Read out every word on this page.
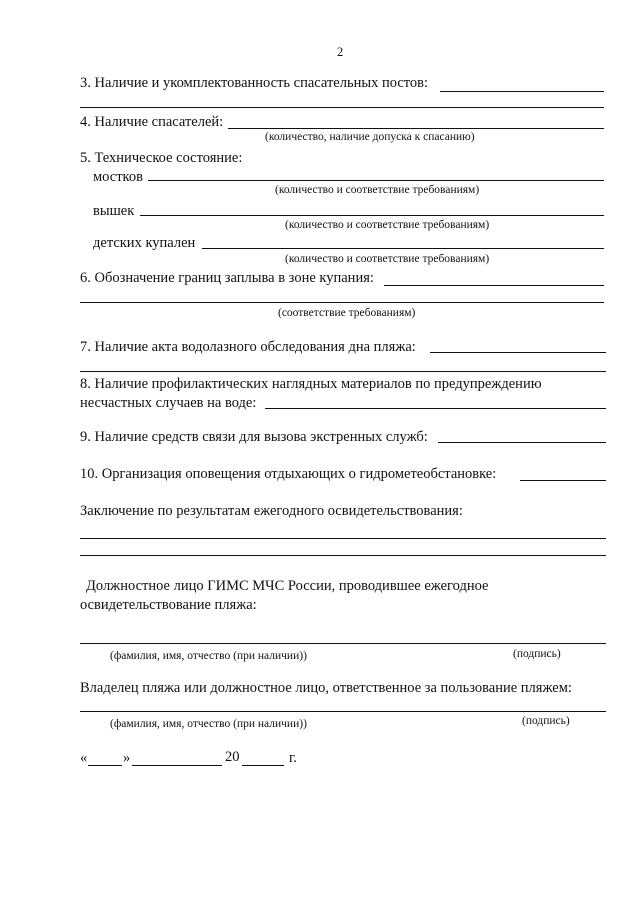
2
3. Наличие и укомплектованность спасательных постов:
4. Наличие спасателей:
(количество, наличие допуска к спасанию)
5. Техническое состояние:
мостков
(количество и соответствие требованиям)
вышек
(количество и соответствие требованиям)
детских купален
(количество и соответствие требованиям)
6. Обозначение границ заплыва в зоне купания:
(соответствие требованиям)
7. Наличие акта водолазного обследования дна пляжа:
8. Наличие профилактических наглядных материалов по предупреждению
несчастных случаев на воде:
9. Наличие средств связи для вызова экстренных служб:
10. Организация оповещения отдыхающих о гидрометеобстановке:
Заключение по результатам ежегодного освидетельствования:
Должностное лицо ГИМС МЧС России, проводившее ежегодное
освидетельствование пляжа:
(фамилия, имя, отчество (при наличии))	(подпись)
Владелец пляжа или должностное лицо, ответственное за пользование пляжем:
(фамилия, имя, отчество (при наличии))	(подпись)
« »	20	г.
